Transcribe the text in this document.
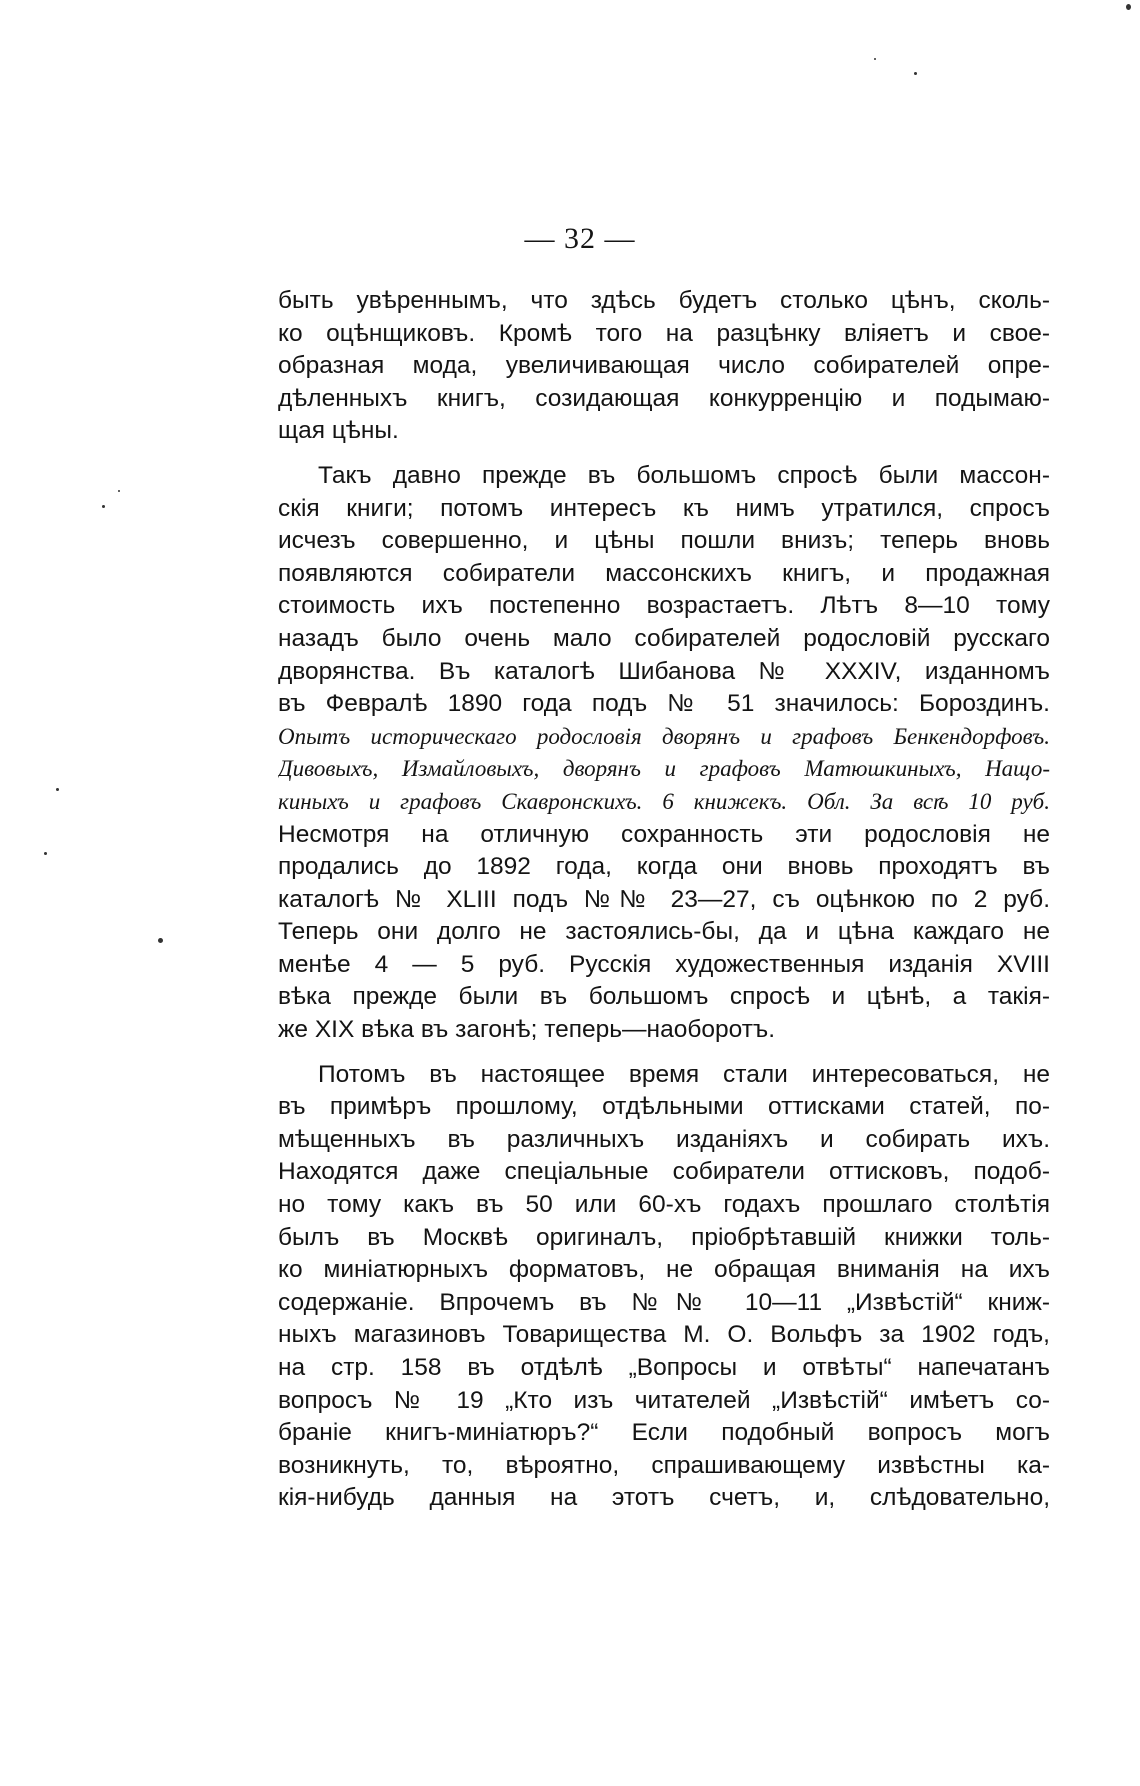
— 32 —
быть увѣреннымъ, что здѣсь будетъ столько цѣнъ, сколь-
ко оцѣнщиковъ. Кромѣ того на разцѣнку вліяетъ и свое-
образная мода, увеличивающая число собирателей опре-
дѣленныхъ книгъ, созидающая конкурренцію и подымаю-
щая цѣны.
Такъ давно прежде въ большомъ спросѣ были массон-
скія книги; потомъ интересъ къ нимъ утратился, спросъ
исчезъ совершенно, и цѣны пошли внизъ; теперь вновь
появляются собиратели массонскихъ книгъ, и продажная
стоимость ихъ постепенно возрастаетъ. Лѣтъ 8—10 тому
назадъ было очень мало собирателей родословій русскаго
дворянства. Въ каталогѣ Шибанова № XXXIV, изданномъ
въ Февралѣ 1890 года подъ № 51 значилось: Бороздинъ.
Опытъ историческаго родословія дворянъ и графовъ Бенкендорфовъ.
Дивовыхъ, Измайловыхъ, дворянъ и графовъ Матюшкиныхъ, Нащо-
киныхъ и графовъ Скавронскихъ. 6 книжекъ. Обл. За всѣ 10 руб.
Несмотря на отличную сохранность эти родословія не
продались до 1892 года, когда они вновь проходятъ въ
каталогѣ № XLIII подъ №№ 23—27, съ оцѣнкою по 2 руб.
Теперь они долго не застоялись-бы, да и цѣна каждаго не
менѣе 4 — 5 руб. Русскія художественныя изданія XVIII
вѣка прежде были въ большомъ спросѣ и цѣнѣ, а такія-
же XIX вѣка въ загонѣ; теперь—наоборотъ.
Потомъ въ настоящее время стали интересоваться, не
въ примѣръ прошлому, отдѣльными оттисками статей, по-
мѣщенныхъ въ различныхъ изданіяхъ и собирать ихъ.
Находятся даже спеціальные собиратели оттисковъ, подоб-
но тому какъ въ 50 или 60-хъ годахъ прошлаго столѣтія
былъ въ Москвѣ оригиналъ, пріобрѣтавшій книжки толь-
ко миніатюрныхъ форматовъ, не обращая вниманія на ихъ
содержаніе. Впрочемъ въ №№ 10—11 „Извѣстій“ книж-
ныхъ магазиновъ Товарищества М. О. Вольфъ за 1902 годъ,
на стр. 158 въ отдѣлѣ „Вопросы и отвѣты“ напечатанъ
вопросъ № 19 „Кто изъ читателей „Извѣстій“ имѣетъ со-
браніе книгъ-миніатюръ?“ Если подобный вопросъ могъ
возникнуть, то, вѣроятно, спрашивающему извѣстны ка-
кія-нибудь данныя на этотъ счетъ, и, слѣдовательно,
